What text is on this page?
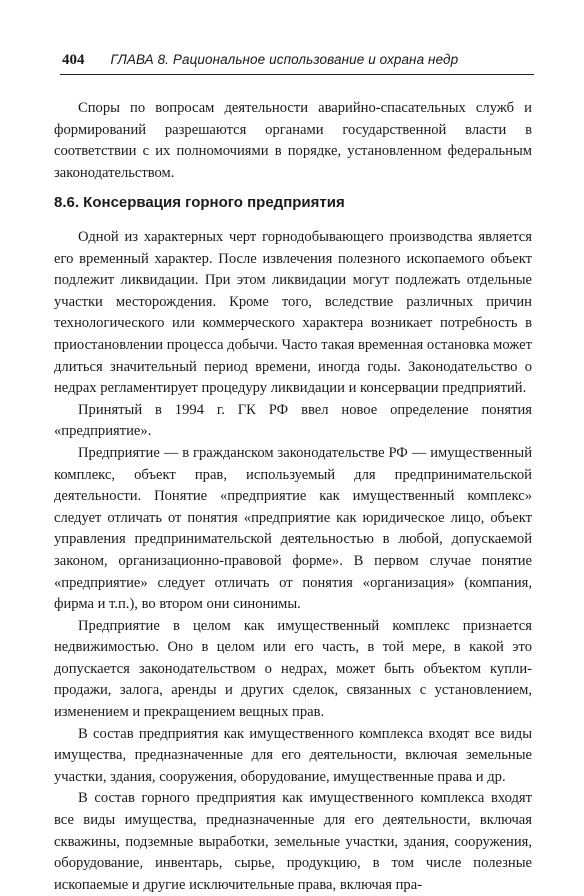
404 ГЛАВА 8. Рациональное использование и охрана недр

Споры по вопросам деятельности аварийно-спасательных служб и формирований разрешаются органами государственной власти в соответствии с их полномочиями в порядке, установленном федеральным законодательством.

8.6. Консервация горного предприятия

Одной из характерных черт горнодобывающего производства является его временный характер. После извлечения полезного ископаемого объект подлежит ликвидации. При этом ликвидации могут подлежать отдельные участки месторождения. Кроме того, вследствие различных причин технологического или коммерческого характера возникает потребность в приостановлении процесса добычи. Часто такая временная остановка может длиться значительный период времени, иногда годы. Законодательство о недрах регламентирует процедуру ликвидации и консервации предприятий.

Принятый в 1994 г. ГК РФ ввел новое определение понятия «предприятие».

Предприятие — в гражданском законодательстве РФ — имущественный комплекс, объект прав, используемый для предпринимательской деятельности. Понятие «предприятие как имущественный комплекс» следует отличать от понятия «предприятие как юридическое лицо, объект управления предпринимательской деятельностью в любой, допускаемой законом, организационно-правовой форме». В первом случае понятие «предприятие» следует отличать от понятия «организация» (компания, фирма и т.п.), во втором они синонимы.

Предприятие в целом как имущественный комплекс признается недвижимостью. Оно в целом или его часть, в той мере, в какой это допускается законодательством о недрах, может быть объектом купли-продажи, залога, аренды и других сделок, связанных с установлением, изменением и прекращением вещных прав.

В состав предприятия как имущественного комплекса входят все виды имущества, предназначенные для его деятельности, включая земельные участки, здания, сооружения, оборудование, имущественные права и др.

В состав горного предприятия как имущественного комплекса входят все виды имущества, предназначенные для его деятельности, включая скважины, подземные выработки, земельные участки, здания, сооружения, оборудование, инвентарь, сырье, продукцию, в том числе полезные ископаемые и другие исключительные права, включая пра-
